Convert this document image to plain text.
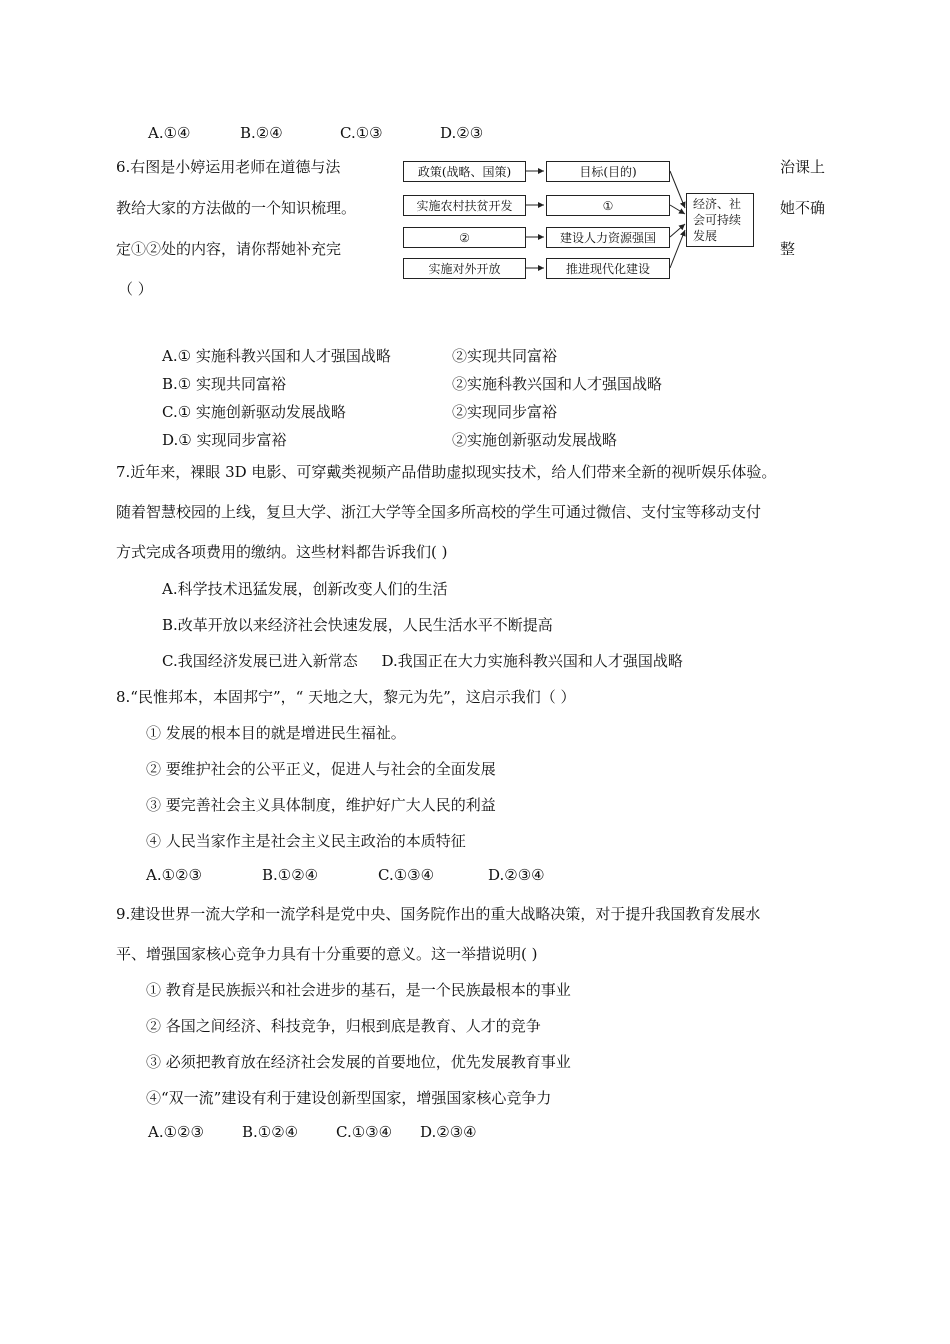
A.①④	B.②④	C.①③	D.②③
6.右图是小婷运用老师在道德与法	治课上
教给大家的方法做的一个知识梳理。	她不确
定①②处的内容，请你帮她补充完	整
（ ）
政策(战略、国策)
实施农村扶贫开发
②
实施对外开放
目标(目的)
①
建设人力资源强国
推进现代化建设
经济、社会可持续发展
A.① 实施科教兴国和人才强国战略	②实现共同富裕
B.① 实现共同富裕	②实施科教兴国和人才强国战略
C.① 实施创新驱动发展战略	②实现同步富裕
D.① 实现同步富裕	②实施创新驱动发展战略
7.近年来，裸眼 3D 电影、可穿戴类视频产品借助虚拟现实技术，给人们带来全新的视听娱乐体验。
随着智慧校园的上线，复旦大学、浙江大学等全国多所高校的学生可通过微信、支付宝等移动支付
方式完成各项费用的缴纳。这些材料都告诉我们( )
A.科学技术迅猛发展，创新改变人们的生活
B.改革开放以来经济社会快速发展，人民生活水平不断提高
C.我国经济发展已进入新常态     D.我国正在大力实施科教兴国和人才强国战略
8.“民惟邦本，本固邦宁”，“ 天地之大，黎元为先”，这启示我们（ ）
① 发展的根本目的就是增进民生福祉。
② 要维护社会的公平正义，促进人与社会的全面发展
③ 要完善社会主义具体制度，维护好广大人民的利益
④ 人民当家作主是社会主义民主政治的本质特征
A.①②③	B.①②④	C.①③④	D.②③④
9.建设世界一流大学和一流学科是党中央、国务院作出的重大战略决策，对于提升我国教育发展水
平、增强国家核心竞争力具有十分重要的意义。这一举措说明( )
① 教育是民族振兴和社会进步的基石，是一个民族最根本的事业
② 各国之间经济、科技竞争，归根到底是教育、人才的竞争
③ 必须把教育放在经济社会发展的首要地位，优先发展教育事业
④“双一流”建设有利于建设创新型国家，增强国家核心竞争力
A.①②③	B.①②④	C.①③④ D.②③④
